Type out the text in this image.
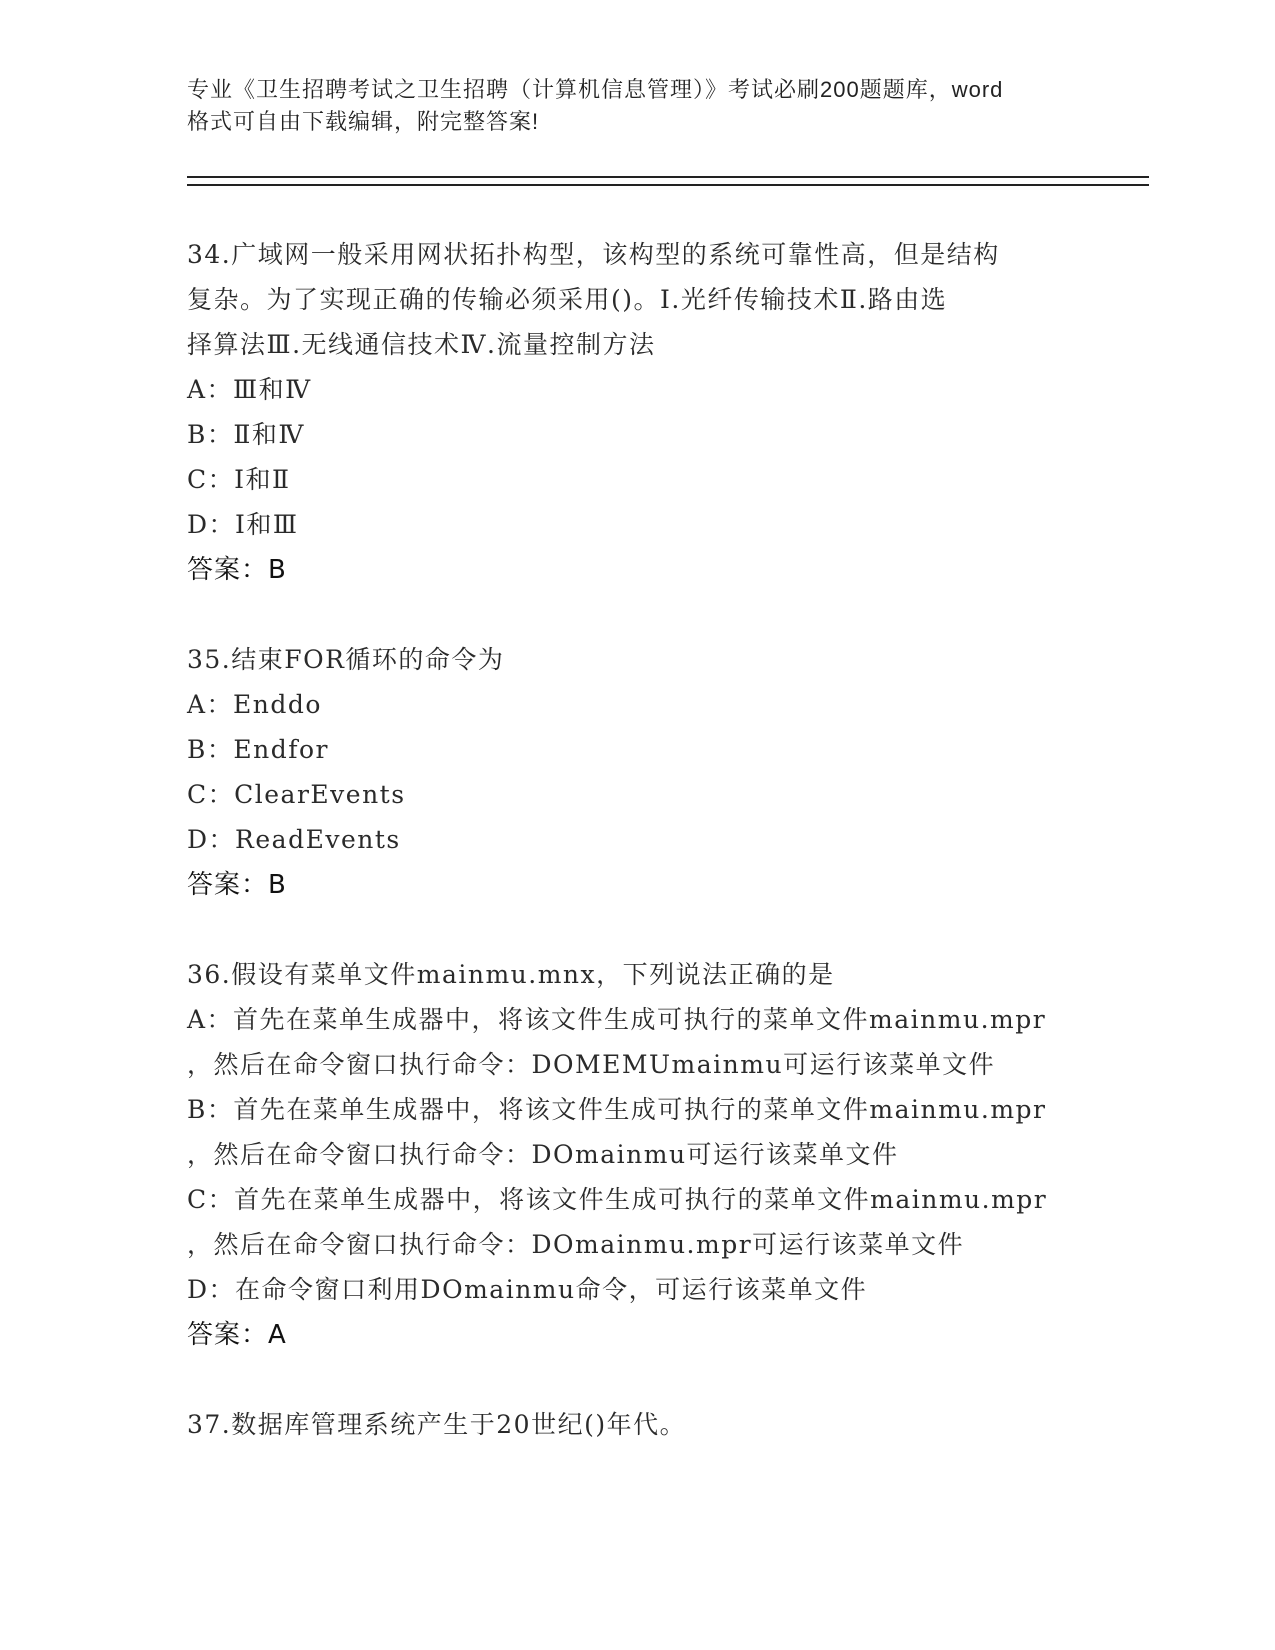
专业《卫生招聘考试之卫生招聘（计算机信息管理）》考试必刷200题题库，word
格式可自由下载编辑，附完整答案!
34.广域网一般采用网状拓扑构型，该构型的系统可靠性高，但是结构
复杂。为了实现正确的传输必须采用()。Ⅰ.光纤传输技术Ⅱ.路由选
择算法Ⅲ.无线通信技术Ⅳ.流量控制方法
A：Ⅲ和Ⅳ
B：Ⅱ和Ⅳ
C：Ⅰ和Ⅱ
D：Ⅰ和Ⅲ
答案：B
35.结束FOR循环的命令为
A：Enddo
B：Endfor
C：ClearEvents
D：ReadEvents
答案：B
36.假设有菜单文件mainmu.mnx，下列说法正确的是
A：首先在菜单生成器中，将该文件生成可执行的菜单文件mainmu.mpr
，然后在命令窗口执行命令：DOMEMUmainmu可运行该菜单文件
B：首先在菜单生成器中，将该文件生成可执行的菜单文件mainmu.mpr
，然后在命令窗口执行命令：DOmainmu可运行该菜单文件
C：首先在菜单生成器中，将该文件生成可执行的菜单文件mainmu.mpr
，然后在命令窗口执行命令：DOmainmu.mpr可运行该菜单文件
D：在命令窗口利用DOmainmu命令，可运行该菜单文件
答案：A
37.数据库管理系统产生于20世纪()年代。
